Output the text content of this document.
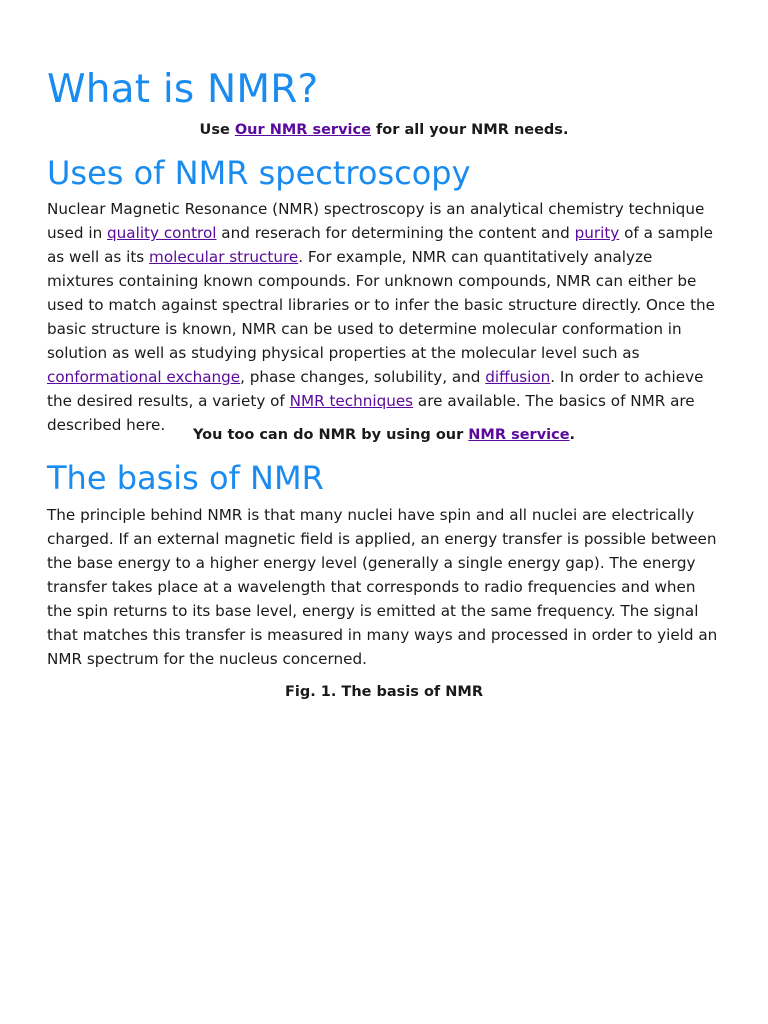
What is NMR?
Use Our NMR service for all your NMR needs.
Uses of NMR spectroscopy

Nuclear Magnetic Resonance (NMR) spectroscopy is an analytical chemistry technique used in quality control and reserach for determining the content and purity of a sample as well as its molecular structure. For example, NMR can quantitatively analyze mixtures containing known compounds. For unknown compounds, NMR can either be used to match against spectral libraries or to infer the basic structure directly. Once the basic structure is known, NMR can be used to determine molecular conformation in solution as well as studying physical properties at the molecular level such as conformational exchange, phase changes, solubility, and diffusion. In order to achieve the desired results, a variety of NMR techniques are available. The basics of NMR are described here.

You too can do NMR by using our NMR service.
The basis of NMR

The principle behind NMR is that many nuclei have spin and all nuclei are electrically charged. If an external magnetic field is applied, an energy transfer is possible between the base energy to a higher energy level (generally a single energy gap). The energy transfer takes place at a wavelength that corresponds to radio frequencies and when the spin returns to its base level, energy is emitted at the same frequency. The signal that matches this transfer is measured in many ways and processed in order to yield an NMR spectrum for the nucleus concerned.

Fig. 1. The basis of NMR
